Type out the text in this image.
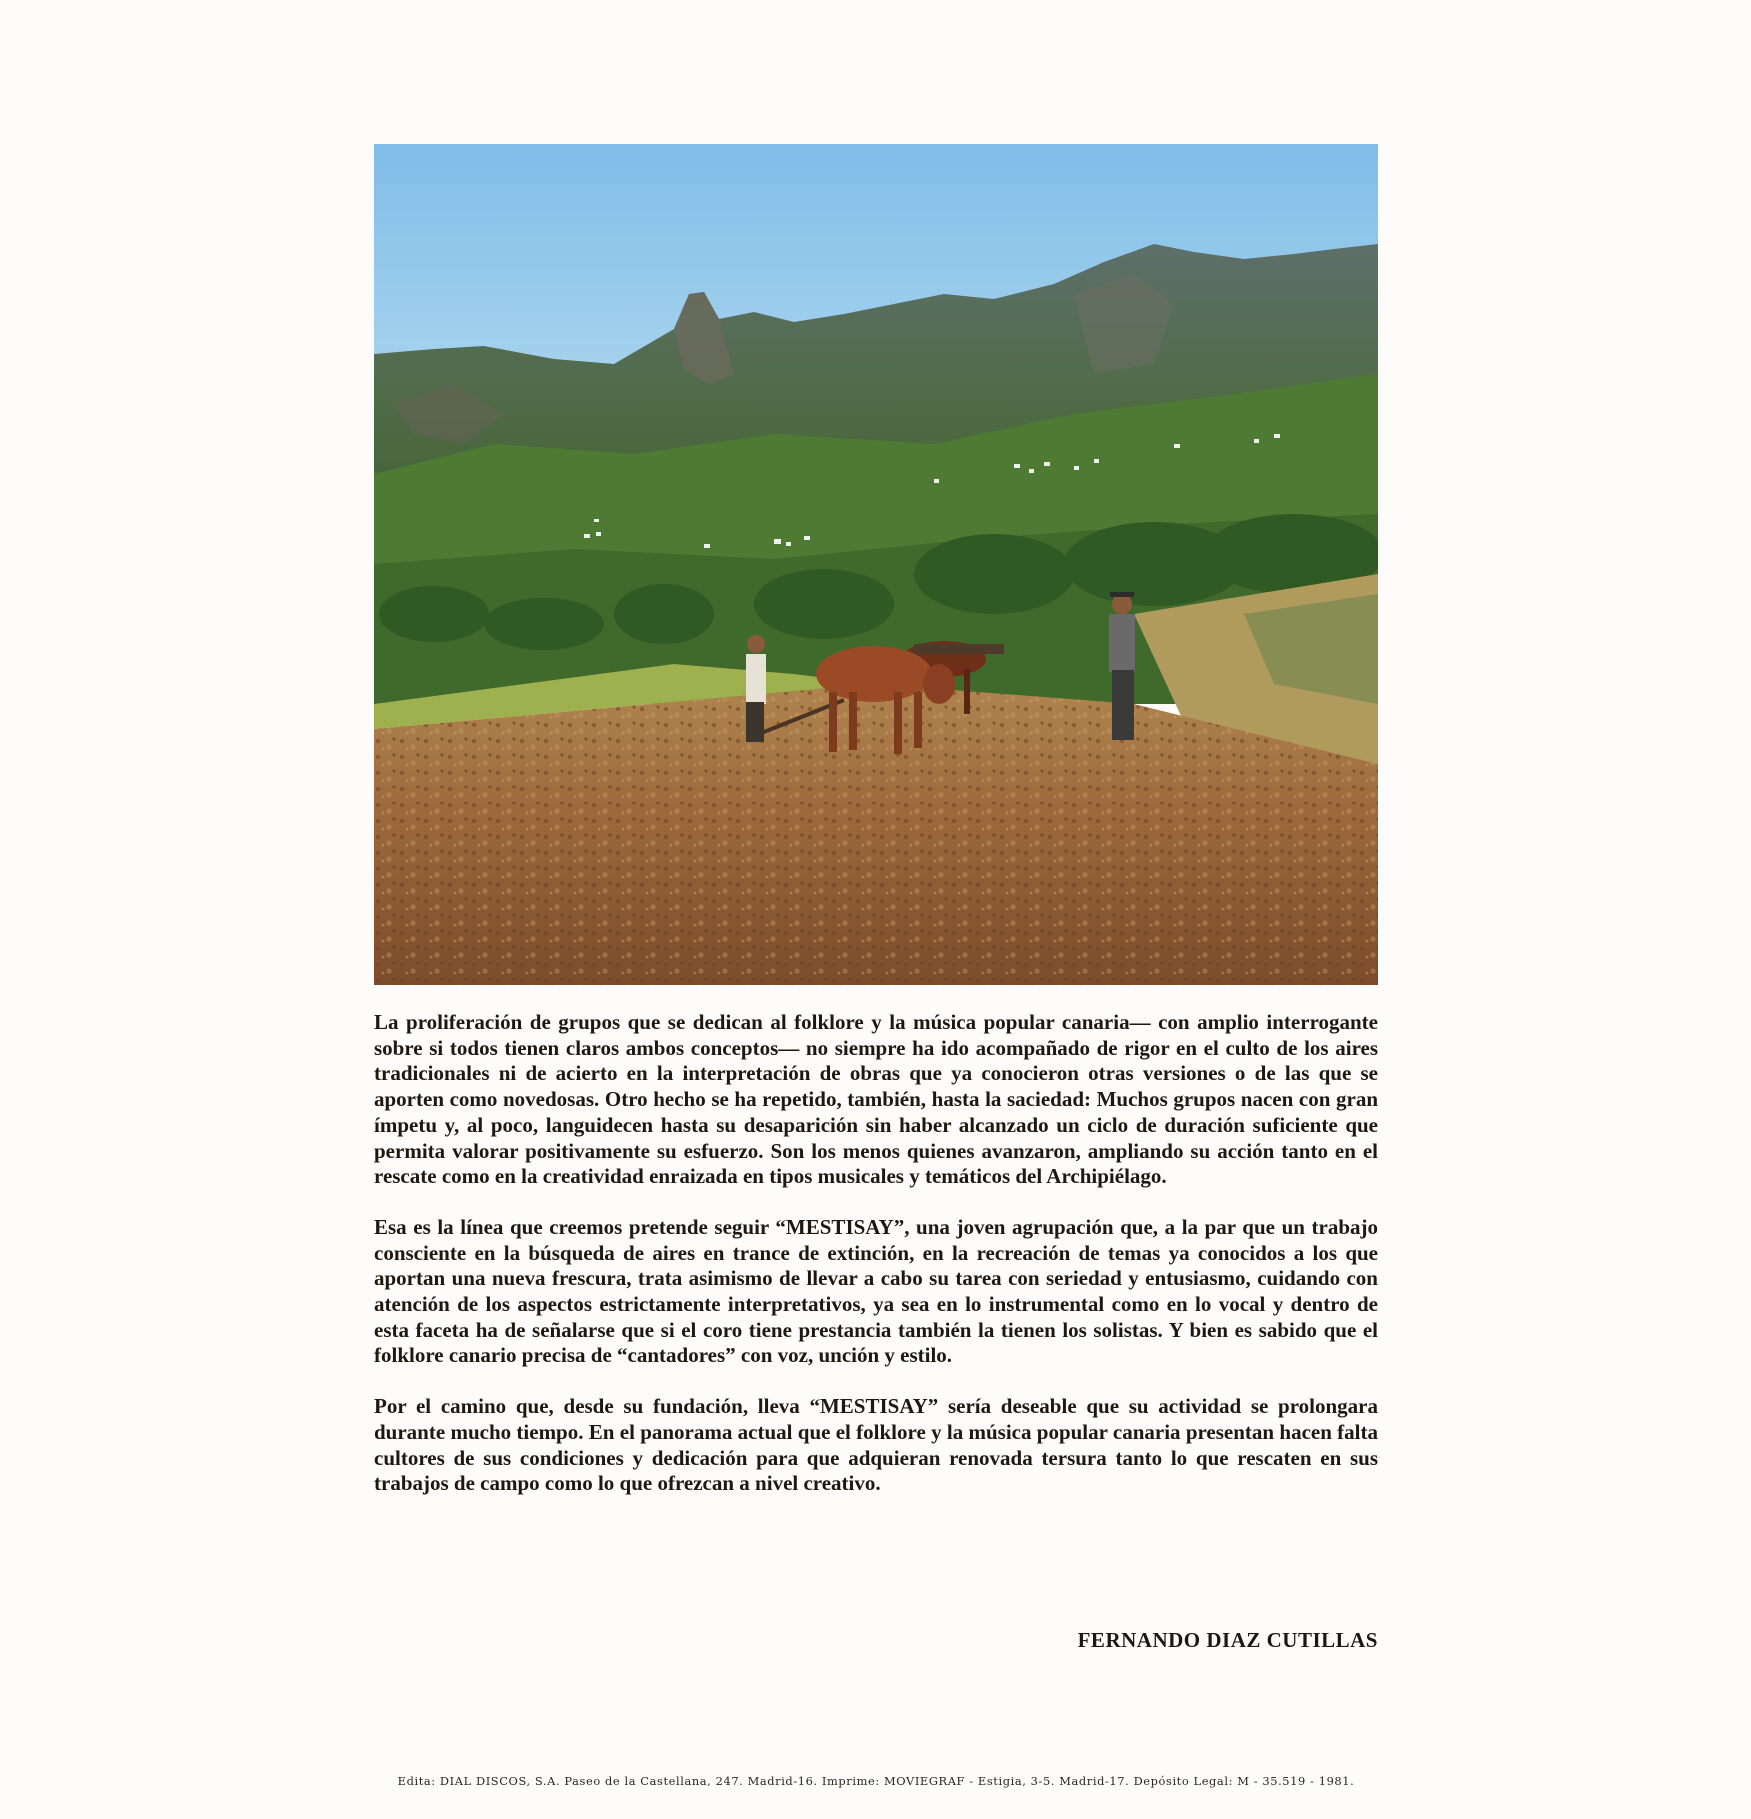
La proliferación de grupos que se dedican al folklore y la música popular canaria— con amplio interrogante sobre si todos tienen claros ambos conceptos— no siempre ha ido acompañado de rigor en el culto de los aires tradicionales ni de acierto en la interpretación de obras que ya conocieron otras versiones o de las que se aporten como novedosas. Otro hecho se ha repetido, también, hasta la saciedad: Muchos grupos nacen con gran ímpetu y, al poco, languidecen hasta su desaparición sin haber alcanzado un ciclo de duración suficiente que permita valorar positivamente su esfuerzo. Son los menos quienes avanzaron, ampliando su acción tanto en el rescate como en la creatividad enraizada en tipos musicales y temáticos del Archipiélago.

Esa es la línea que creemos pretende seguir “MESTISAY”, una joven agrupación que, a la par que un trabajo consciente en la búsqueda de aires en trance de extinción, en la recreación de temas ya conocidos a los que aportan una nueva frescura, trata asimismo de llevar a cabo su tarea con seriedad y entusiasmo, cuidando con atención de los aspectos estrictamente interpretativos, ya sea en lo instrumental como en lo vocal y dentro de esta faceta ha de señalarse que si el coro tiene prestancia también la tienen los solistas. Y bien es sabido que el folklore canario precisa de “cantadores” con voz, unción y estilo.

Por el camino que, desde su fundación, lleva “MESTISAY” sería deseable que su actividad se prolongara durante mucho tiempo. En el panorama actual que el folklore y la música popular canaria presentan hacen falta cultores de sus condiciones y dedicación para que adquieran renovada tersura tanto lo que rescaten en sus trabajos de campo como lo que ofrezcan a nivel creativo.

FERNANDO DIAZ CUTILLAS
Edita: DIAL DISCOS, S.A. Paseo de la Castellana, 247. Madrid-16. Imprime: MOVIEGRAF - Estigia, 3-5. Madrid-17. Depósito Legal: M - 35.519 - 1981.
